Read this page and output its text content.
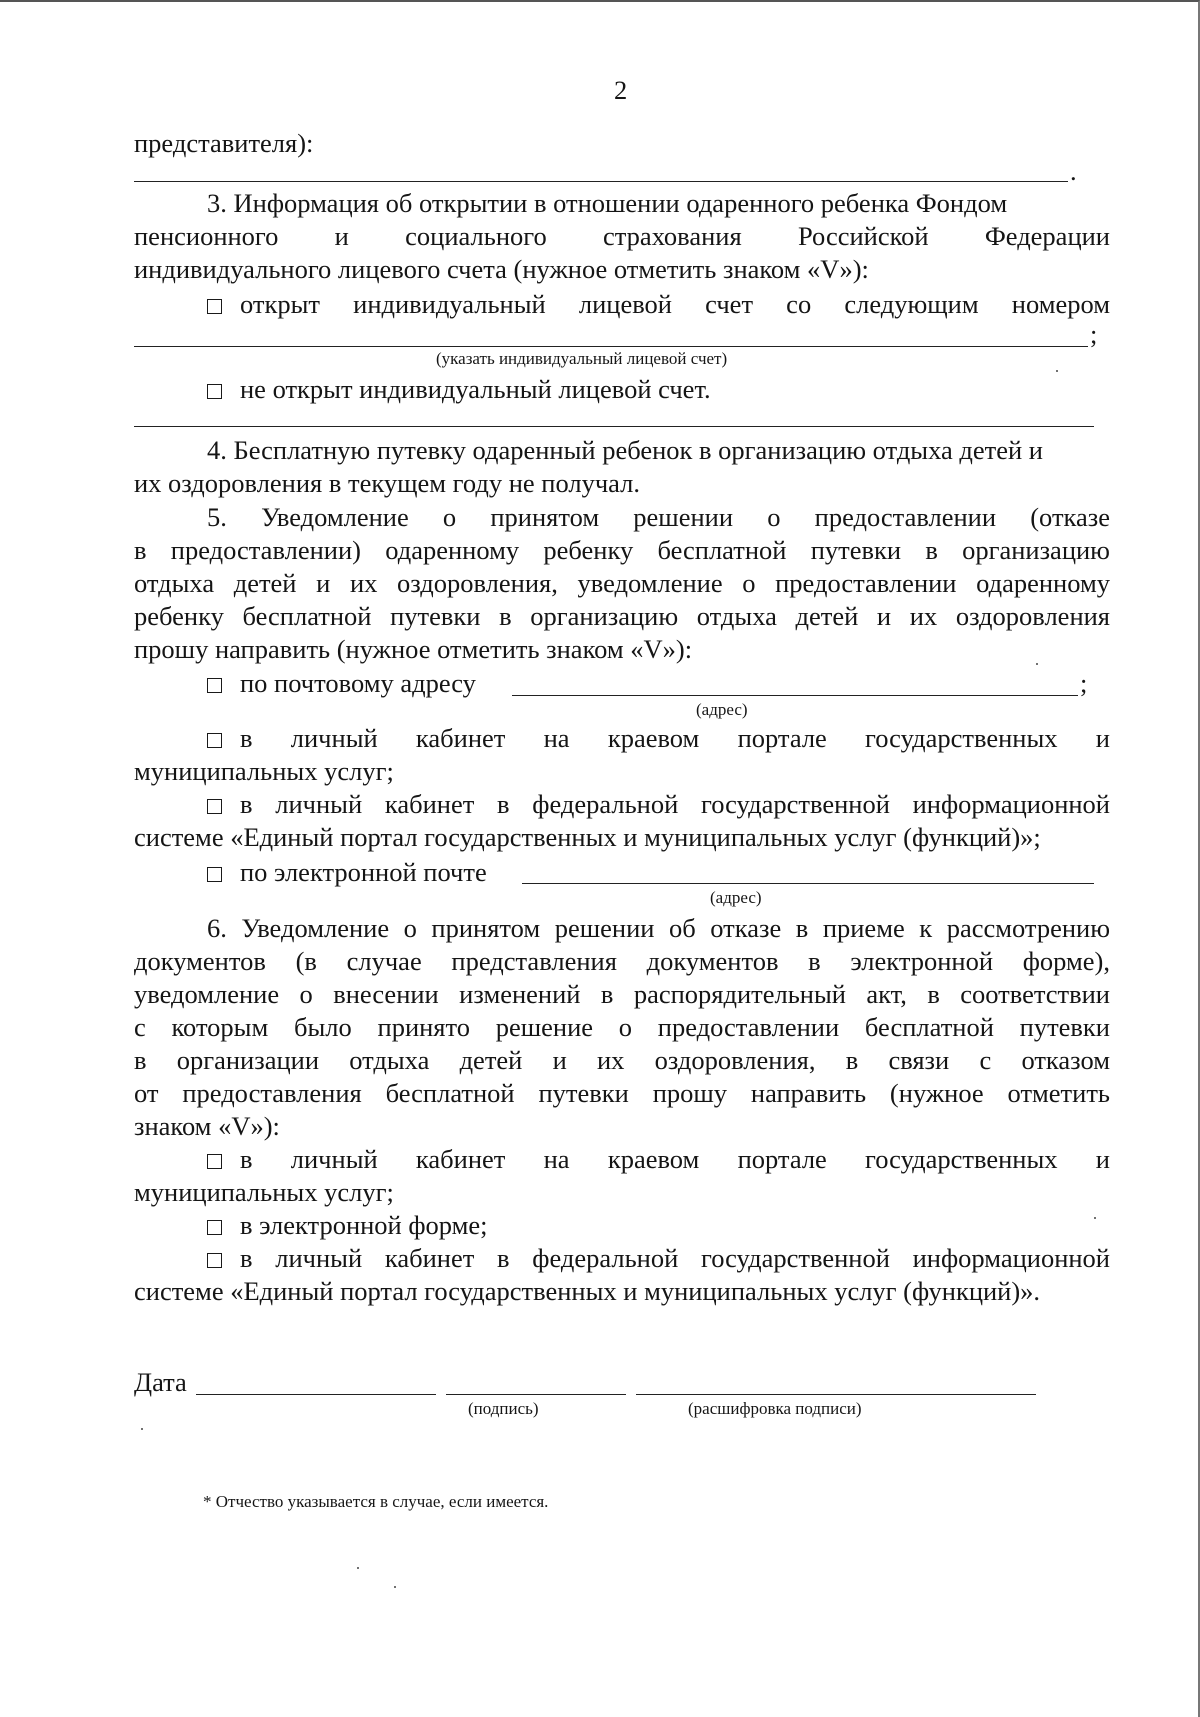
2
представителя):
.
3. Информация об открытии в отношении одаренного ребенка Фондом
пенсионного и социального страхования Российской Федерации
индивидуального лицевого счета (нужное отметить знаком «V»):
открыт индивидуальный лицевой счет со следующим номером
;
(указать индивидуальный лицевой счет)
не открыт индивидуальный лицевой счет.
4. Бесплатную путевку одаренный ребенок в организацию отдыха детей и
их оздоровления в текущем году не получал.
5. Уведомление о принятом решении о предоставлении (отказе
в предоставлении) одаренному ребенку бесплатной путевки в организацию
отдыха детей и их оздоровления, уведомление о предоставлении одаренному
ребенку бесплатной путевки в организацию отдыха детей и их оздоровления
прошу направить (нужное отметить знаком «V»):
по почтовому адресу	;
(адрес)
в личный кабинет на краевом портале государственных и
муниципальных услуг;
в личный кабинет в федеральной государственной информационной
системе «Единый портал государственных и муниципальных услуг (функций)»;
по электронной почте
(адрес)
6. Уведомление о принятом решении об отказе в приеме к рассмотрению
документов (в случае представления документов в электронной форме),
уведомление о внесении изменений в распорядительный акт, в соответствии
с которым было принято решение о предоставлении бесплатной путевки
в организации отдыха детей и их оздоровления, в связи с отказом
от предоставления бесплатной путевки прошу направить (нужное отметить
знаком «V»):
в личный кабинет на краевом портале государственных и
муниципальных услуг;
в электронной форме;
в личный кабинет в федеральной государственной информационной
системе «Единый портал государственных и муниципальных услуг (функций)».
Дата
(подпись)	(расшифровка подписи)
* Отчество указывается в случае, если имеется.
